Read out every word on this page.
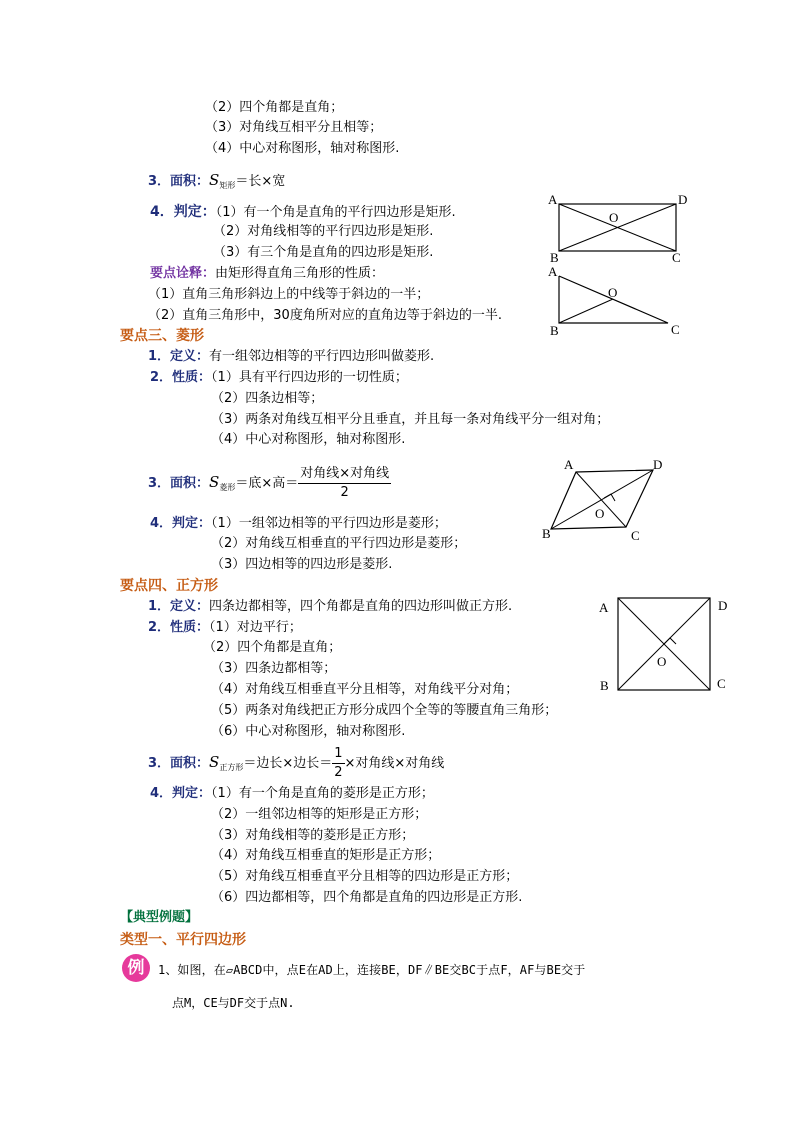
（2）四个角都是直角；
（3）对角线互相平分且相等；
（4）中心对称图形，轴对称图形.
3．面积：$S_{矩形}=$长×宽
4．判定：（1）有一个角是直角的平行四边形是矩形.
（2）对角线相等的平行四边形是矩形.
（3）有三个角是直角的四边形是矩形.
要点诠释：由矩形得直角三角形的性质：
（1）直角三角形斜边上的中线等于斜边的一半；
（2）直角三角形中，30度角所对应的直角边等于斜边的一半.
A	D
B	C
O
A
B	C
O
要点三、菱形
1．定义：有一组邻边相等的平行四边形叫做菱形.
2．性质：（1）具有平行四边形的一切性质；
（2）四条边相等；
（3）两条对角线互相平分且垂直，并且每一条对角线平分一组对角；
（4）中心对称图形，轴对称图形.
3．面积：$S_{菱形}=$底×高＝ $\frac{\text{对角线×对角线}}{2}$
4．判定：（1）一组邻边相等的平行四边形是菱形；
（2）对角线互相垂直的平行四边形是菱形；
（3）四边相等的四边形是菱形.
A	D
B	C
O
要点四、正方形
1．定义：四条边都相等，四个角都是直角的四边形叫做正方形.
2．性质：（1）对边平行；
（2）四个角都是直角；
（3）四条边都相等；
（4）对角线互相垂直平分且相等，对角线平分对角；
（5）两条对角线把正方形分成四个全等的等腰直角三角形；
（6）中心对称图形，轴对称图形.
3．面积：$S_{正方形}=$边长×边长＝ $\frac{1}{2}$ ×对角线×对角线
4．判定：（1）有一个角是直角的菱形是正方形；
（2）一组邻边相等的矩形是正方形；
（3）对角线相等的菱形是正方形；
（4）对角线互相垂直的矩形是正方形；
（5）对角线互相垂直平分且相等的四边形是正方形；
（6）四边都相等，四个角都是直角的四边形是正方形.
A	D
B	C
O
【典型例题】
类型一、平行四边形
例	1、如图，在▱ABCD中，点E在AD上，连接BE，DF∥BE交BC于点F，AF与BE交于
点M，CE与DF交于点N.
